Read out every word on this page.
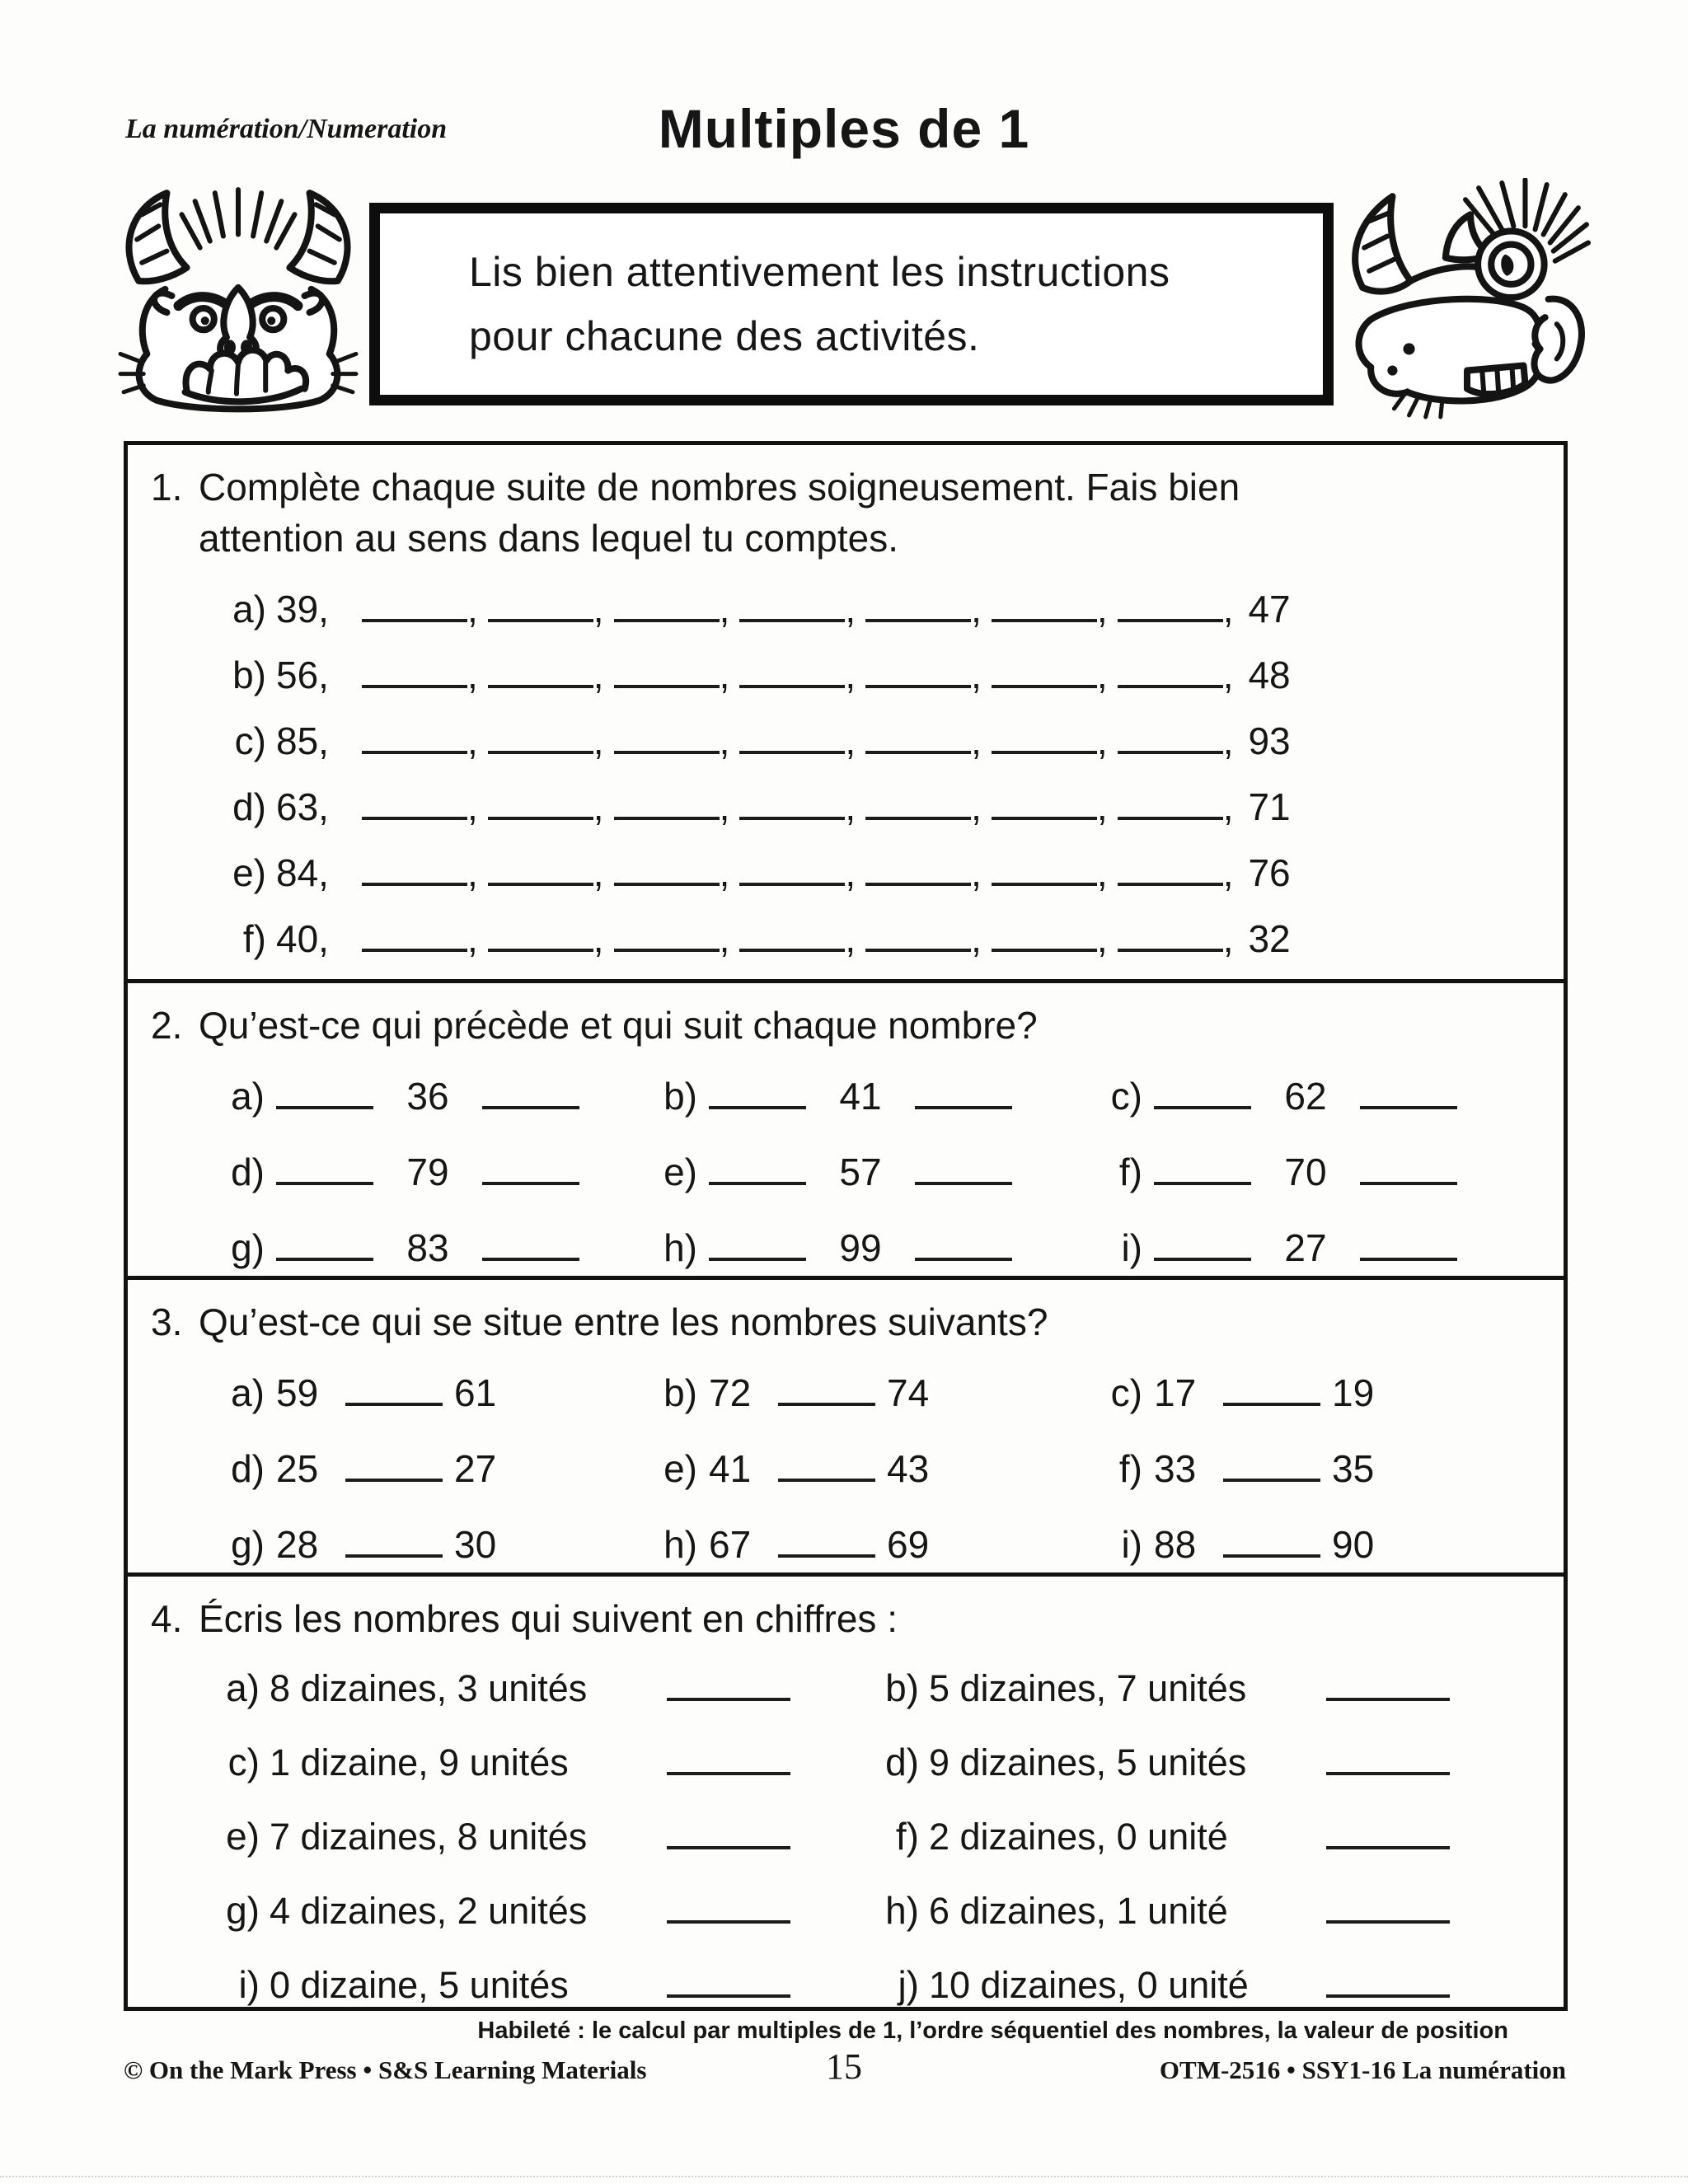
La numération/Numeration	Multiples de 1
Lis bien attentivement les instructions
pour chacune des activités.
1. Complète chaque suite de nombres soigneusement. Fais bien
attention au sens dans lequel tu comptes.
a) 39,	,	,	,	,	,	,	, 47
b) 56,	,	,	,	,	,	,	, 48
c) 85,	,	,	,	,	,	,	, 93
d) 63,	,	,	,	,	,	,	, 71
e) 84,	,	,	,	,	,	,	, 76
f) 40,	,	,	,	,	,	,	, 32
2. Qu’est-ce qui précède et qui suit chaque nombre?
a)	36	b)	41	c)	62
d)	79	e)	57	f)	70
g)	83	h)	99	i)	27
3. Qu’est-ce qui se situe entre les nombres suivants?
a) 59	61	b) 72	74	c) 17	19
d) 25	27	e) 41	43	f) 33	35
g) 28	30	h) 67	69	i) 88	90
4. Écris les nombres qui suivent en chiffres :
a) 8 dizaines, 3 unités	b) 5 dizaines, 7 unités
c) 1 dizaine, 9 unités	d) 9 dizaines, 5 unités
e) 7 dizaines, 8 unités	f) 2 dizaines, 0 unité
g) 4 dizaines, 2 unités	h) 6 dizaines, 1 unité
i) 0 dizaine, 5 unités	j) 10 dizaines, 0 unité
Habileté : le calcul par multiples de 1, l’ordre séquentiel des nombres, la valeur de position
© On the Mark Press • S&S Learning Materials	15	OTM-2516 • SSY1-16 La numération
